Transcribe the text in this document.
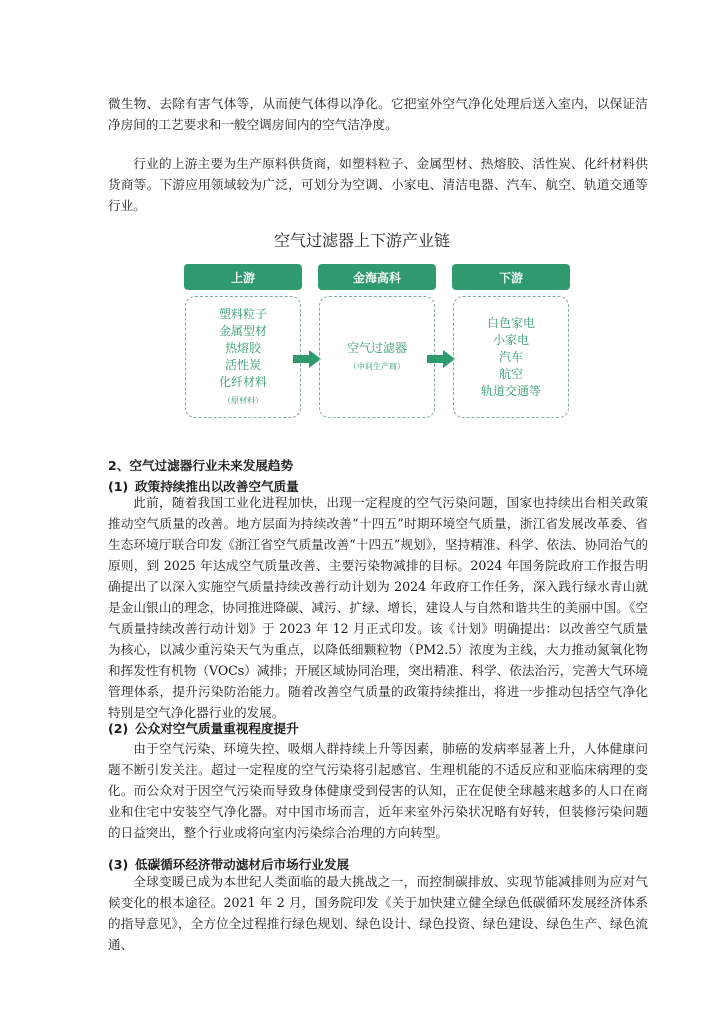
微生物、去除有害气体等，从而使气体得以净化。它把室外空气净化处理后送入室内，以保证洁净房间的工艺要求和一般空调房间内的空气洁净度。

行业的上游主要为生产原料供货商，如塑料粒子、金属型材、热熔胶、活性炭、化纤材料供货商等。下游应用领域较为广泛，可划分为空调、小家电、清洁电器、汽车、航空、轨道交通等行业。

空气过滤器上下游产业链
上游	金海高科	下游
塑料粒子
金属型材
热熔胶
活性炭
化纤材料
（原材料）
空气过滤器
（中间生产商）
白色家电
小家电
汽车
航空
轨道交通等

2、空气过滤器行业未来发展趋势

(1) 政策持续推出以改善空气质量

此前，随着我国工业化进程加快，出现一定程度的空气污染问题，国家也持续出台相关政策推动空气质量的改善。地方层面为持续改善“十四五”时期环境空气质量，浙江省发展改革委、省生态环境厅联合印发《浙江省空气质量改善“十四五”规划》，坚持精准、科学、依法、协同治气的原则，到 2025 年达成空气质量改善、主要污染物减排的目标。2024 年国务院政府工作报告明确提出了以深入实施空气质量持续改善行动计划为 2024 年政府工作任务，深入践行绿水青山就是金山银山的理念，协同推进降碳、减污、扩绿、增长，建设人与自然和谐共生的美丽中国。《空气质量持续改善行动计划》于 2023 年 12 月正式印发。该《计划》明确提出：以改善空气质量为核心，以减少重污染天气为重点，以降低细颗粒物（PM2.5）浓度为主线，大力推动氮氧化物和挥发性有机物（VOCs）减排；开展区域协同治理，突出精准、科学、依法治污，完善大气环境管理体系，提升污染防治能力。随着改善空气质量的政策持续推出，将进一步推动包括空气净化特别是空气净化器行业的发展。

(2) 公众对空气质量重视程度提升

由于空气污染、环境失控、吸烟人群持续上升等因素，肺癌的发病率显著上升，人体健康问题不断引发关注。超过一定程度的空气污染将引起感官、生理机能的不适反应和亚临床病理的变化。而公众对于因空气污染而导致身体健康受到侵害的认知，正在促使全球越来越多的人口在商业和住宅中安装空气净化器。对中国市场而言，近年来室外污染状况略有好转，但装修污染问题的日益突出，整个行业或将向室内污染综合治理的方向转型。

(3) 低碳循环经济带动滤材后市场行业发展

全球变暖已成为本世纪人类面临的最大挑战之一，而控制碳排放、实现节能减排则为应对气候变化的根本途径。2021 年 2 月，国务院印发《关于加快建立健全绿色低碳循环发展经济体系的指导意见》，全方位全过程推行绿色规划、绿色设计、绿色投资、绿色建设、绿色生产、绿色流通、
